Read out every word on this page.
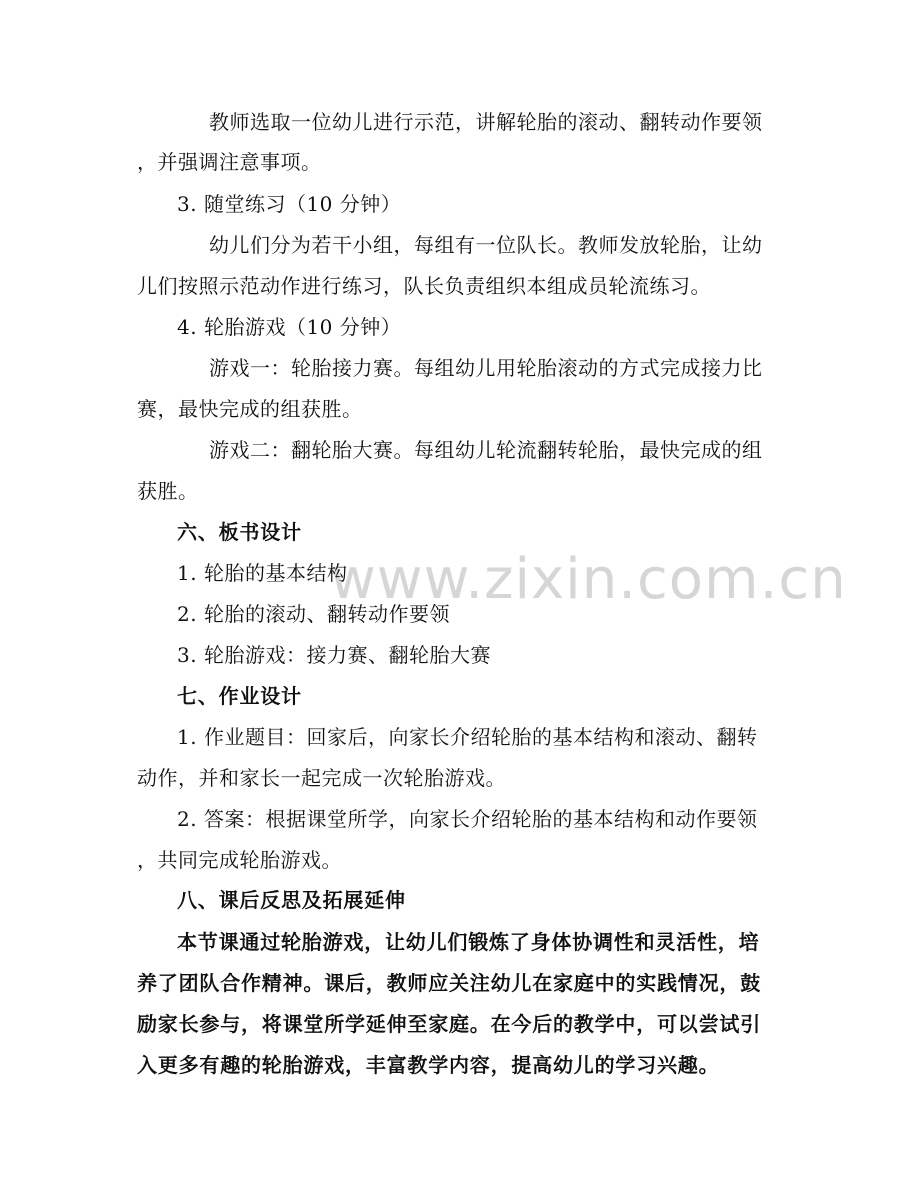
www.zixin.com.cn
教师选取一位幼儿进行示范，讲解轮胎的滚动、翻转动作要领
，并强调注意事项。
3. 随堂练习（10 分钟）
幼儿们分为若干小组，每组有一位队长。教师发放轮胎，让幼
儿们按照示范动作进行练习，队长负责组织本组成员轮流练习。
4. 轮胎游戏（10 分钟）
游戏一：轮胎接力赛。每组幼儿用轮胎滚动的方式完成接力比
赛，最快完成的组获胜。
游戏二：翻轮胎大赛。每组幼儿轮流翻转轮胎，最快完成的组
获胜。
六、板书设计
1. 轮胎的基本结构
2. 轮胎的滚动、翻转动作要领
3. 轮胎游戏：接力赛、翻轮胎大赛
七、作业设计
1. 作业题目：回家后，向家长介绍轮胎的基本结构和滚动、翻转
动作，并和家长一起完成一次轮胎游戏。
2. 答案：根据课堂所学，向家长介绍轮胎的基本结构和动作要领
，共同完成轮胎游戏。
八、课后反思及拓展延伸
本节课通过轮胎游戏，让幼儿们锻炼了身体协调性和灵活性，培
养了团队合作精神。课后，教师应关注幼儿在家庭中的实践情况，鼓
励家长参与，将课堂所学延伸至家庭。在今后的教学中，可以尝试引
入更多有趣的轮胎游戏，丰富教学内容，提高幼儿的学习兴趣。
